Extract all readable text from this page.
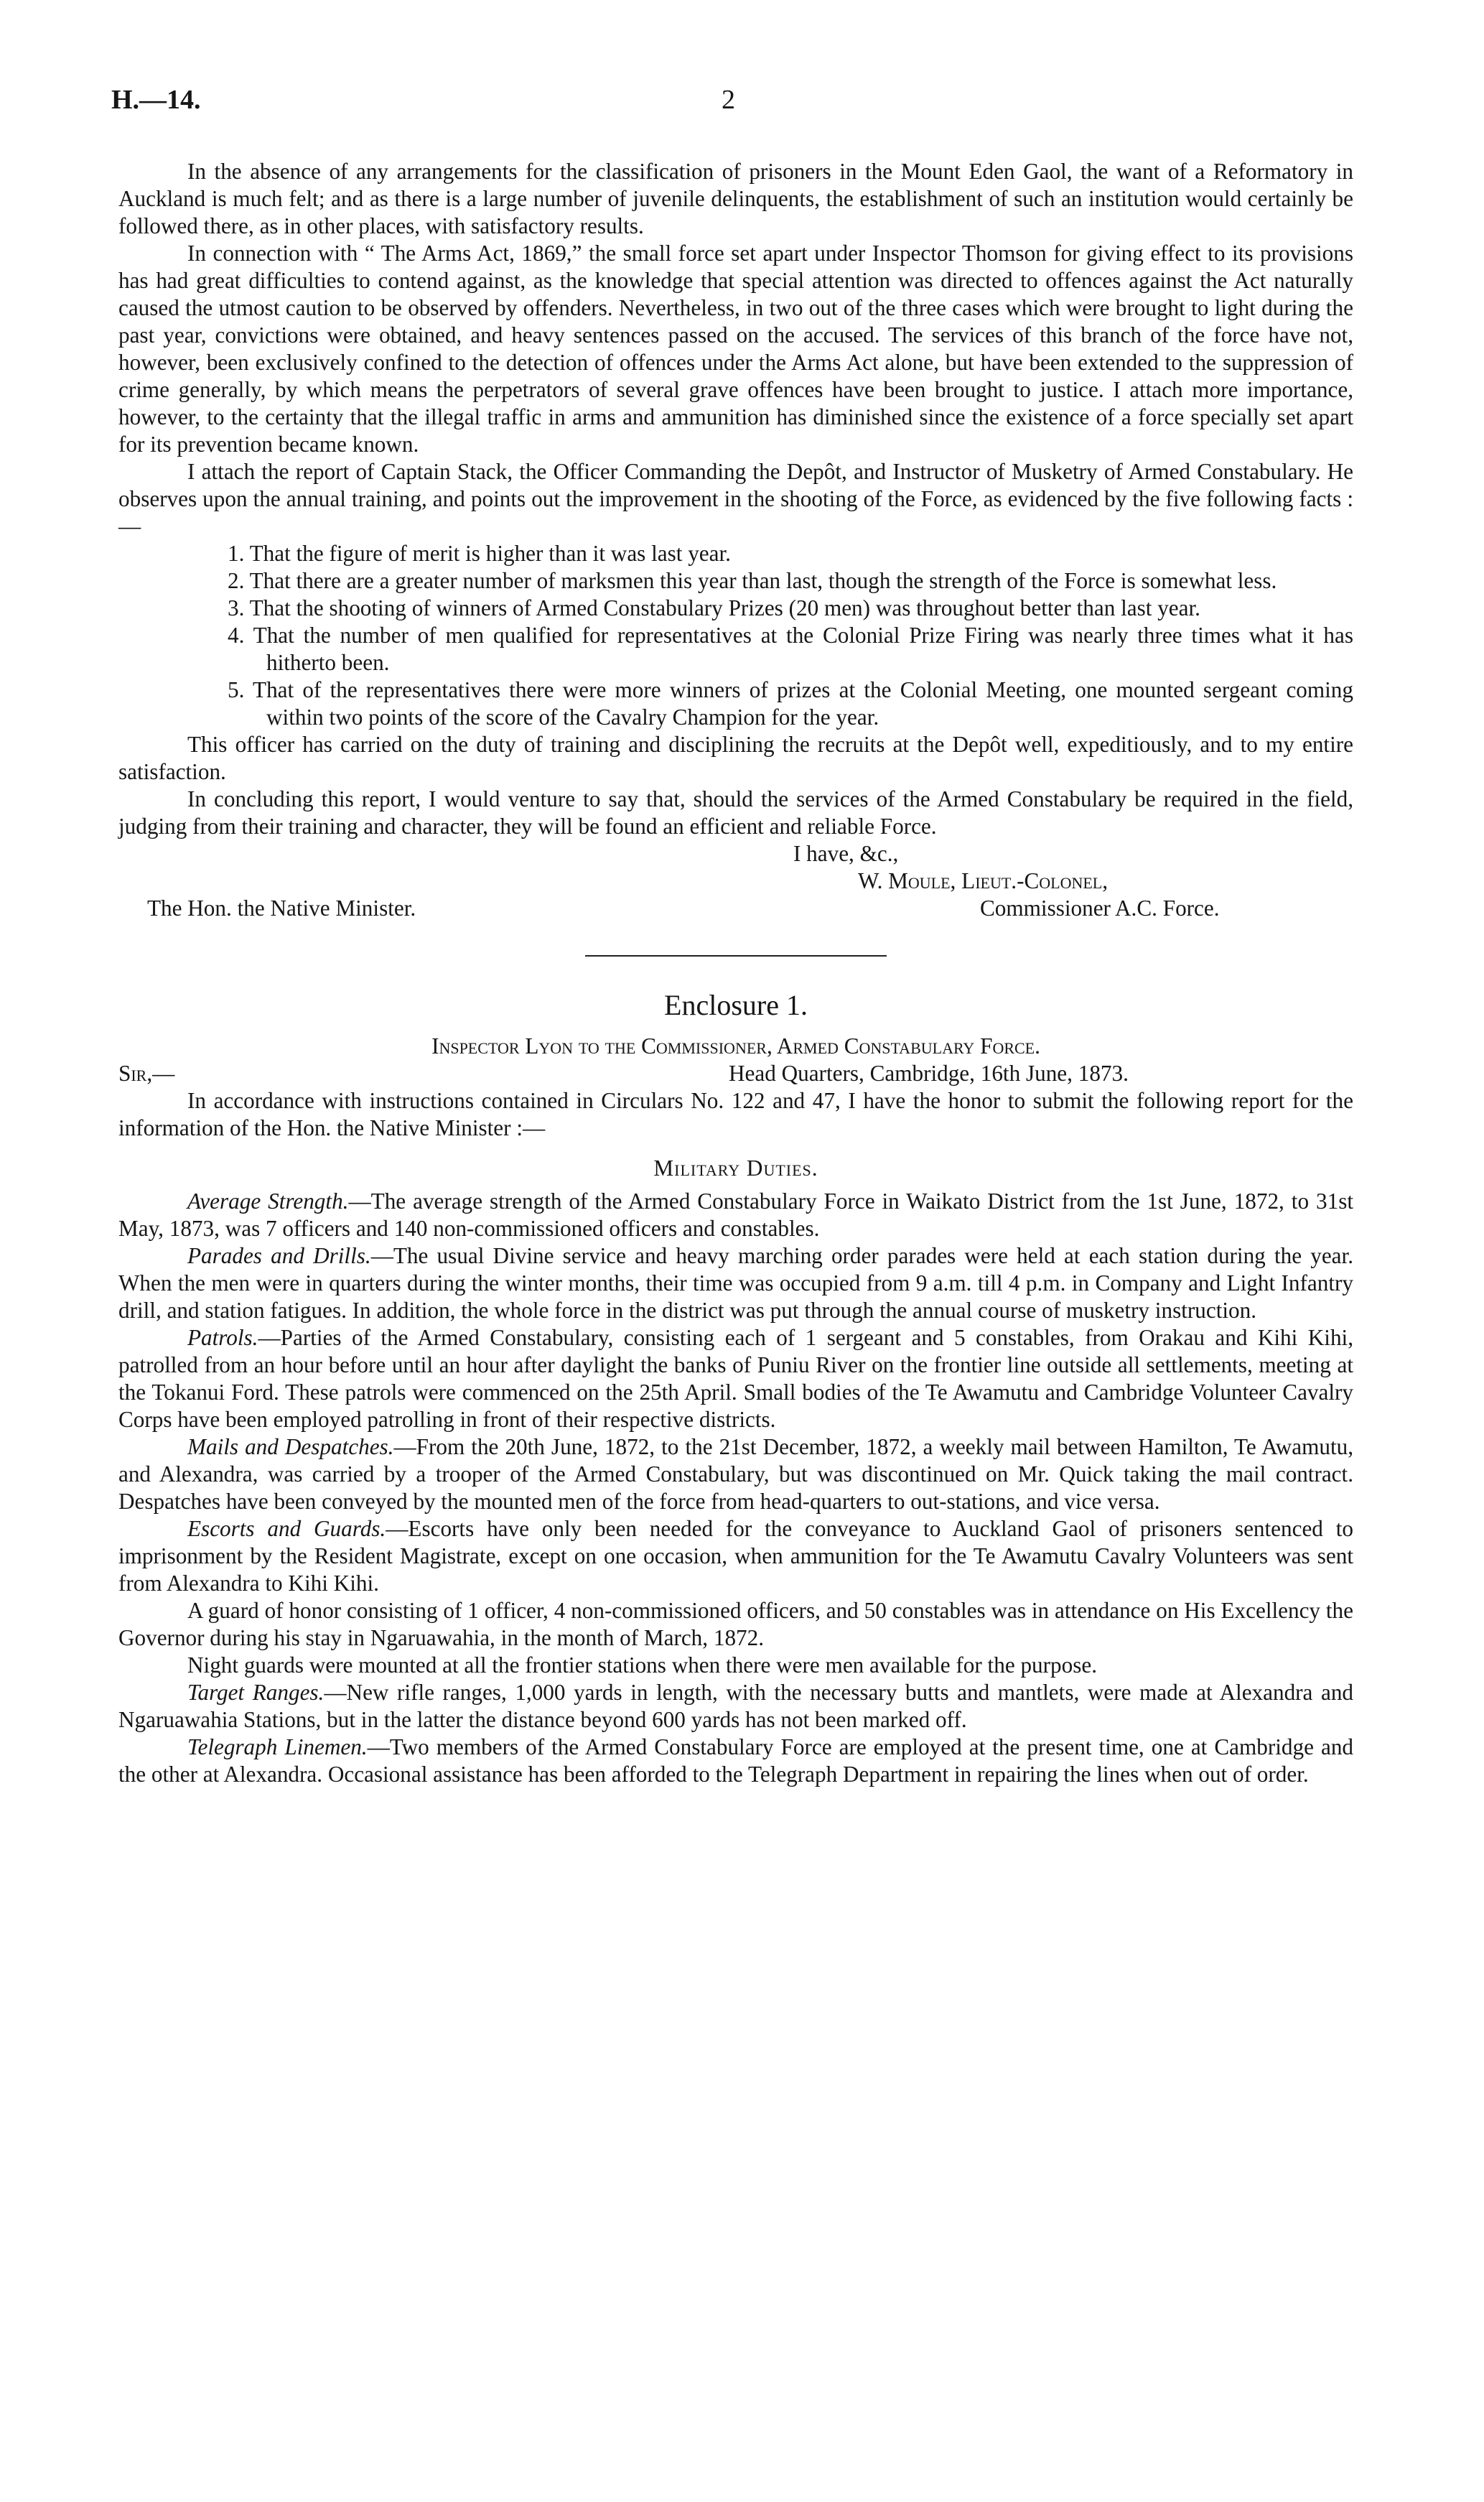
H.—14.	2

In the absence of any arrangements for the classification of prisoners in the Mount Eden Gaol, the want of a Reformatory in Auckland is much felt; and as there is a large number of juvenile delinquents, the establishment of such an institution would certainly be followed there, as in other places, with satisfactory results.

In connection with “ The Arms Act, 1869,” the small force set apart under Inspector Thomson for giving effect to its provisions has had great difficulties to contend against, as the knowledge that special attention was directed to offences against the Act naturally caused the utmost caution to be observed by offenders. Nevertheless, in two out of the three cases which were brought to light during the past year, convictions were obtained, and heavy sentences passed on the accused. The services of this branch of the force have not, however, been exclusively confined to the detection of offences under the Arms Act alone, but have been extended to the suppression of crime generally, by which means the perpetrators of several grave offences have been brought to justice. I attach more importance, however, to the certainty that the illegal traffic in arms and ammunition has diminished since the existence of a force specially set apart for its prevention became known.

I attach the report of Captain Stack, the Officer Commanding the Depôt, and Instructor of Musketry of Armed Constabulary. He observes upon the annual training, and points out the improvement in the shooting of the Force, as evidenced by the five following facts :—

1. That the figure of merit is higher than it was last year.
2. That there are a greater number of marksmen this year than last, though the strength of the Force is somewhat less.
3. That the shooting of winners of Armed Constabulary Prizes (20 men) was throughout better than last year.
4. That the number of men qualified for representatives at the Colonial Prize Firing was nearly three times what it has hitherto been.
5. That of the representatives there were more winners of prizes at the Colonial Meeting, one mounted sergeant coming within two points of the score of the Cavalry Champion for the year.

This officer has carried on the duty of training and disciplining the recruits at the Depôt well, expeditiously, and to my entire satisfaction.

In concluding this report, I would venture to say that, should the services of the Armed Constabulary be required in the field, judging from their training and character, they will be found an efficient and reliable Force.

I have, &c.,
W. Moule, Lieut.-Colonel,
The Hon. the Native Minister.	Commissioner A.C. Force.
Enclosure 1.

Inspector Lyon to the Commissioner, Armed Constabulary Force.

Sir,—	Head Quarters, Cambridge, 16th June, 1873.

In accordance with instructions contained in Circulars No. 122 and 47, I have the honor to submit the following report for the information of the Hon. the Native Minister :—

Military Duties.

Average Strength.—The average strength of the Armed Constabulary Force in Waikato District from the 1st June, 1872, to 31st May, 1873, was 7 officers and 140 non-commissioned officers and constables.

Parades and Drills.—The usual Divine service and heavy marching order parades were held at each station during the year. When the men were in quarters during the winter months, their time was occupied from 9 a.m. till 4 p.m. in Company and Light Infantry drill, and station fatigues. In addition, the whole force in the district was put through the annual course of musketry instruction.

Patrols.—Parties of the Armed Constabulary, consisting each of 1 sergeant and 5 constables, from Orakau and Kihi Kihi, patrolled from an hour before until an hour after daylight the banks of Puniu River on the frontier line outside all settlements, meeting at the Tokanui Ford. These patrols were commenced on the 25th April. Small bodies of the Te Awamutu and Cambridge Volunteer Cavalry Corps have been employed patrolling in front of their respective districts.

Mails and Despatches.—From the 20th June, 1872, to the 21st December, 1872, a weekly mail between Hamilton, Te Awamutu, and Alexandra, was carried by a trooper of the Armed Constabulary, but was discontinued on Mr. Quick taking the mail contract. Despatches have been conveyed by the mounted men of the force from head-quarters to out-stations, and vice versa.

Escorts and Guards.—Escorts have only been needed for the conveyance to Auckland Gaol of prisoners sentenced to imprisonment by the Resident Magistrate, except on one occasion, when ammunition for the Te Awamutu Cavalry Volunteers was sent from Alexandra to Kihi Kihi.

A guard of honor consisting of 1 officer, 4 non-commissioned officers, and 50 constables was in attendance on His Excellency the Governor during his stay in Ngaruawahia, in the month of March, 1872.

Night guards were mounted at all the frontier stations when there were men available for the purpose.

Target Ranges.—New rifle ranges, 1,000 yards in length, with the necessary butts and mantlets, were made at Alexandra and Ngaruawahia Stations, but in the latter the distance beyond 600 yards has not been marked off.

Telegraph Linemen.—Two members of the Armed Constabulary Force are employed at the present time, one at Cambridge and the other at Alexandra. Occasional assistance has been afforded to the Telegraph Department in repairing the lines when out of order.
